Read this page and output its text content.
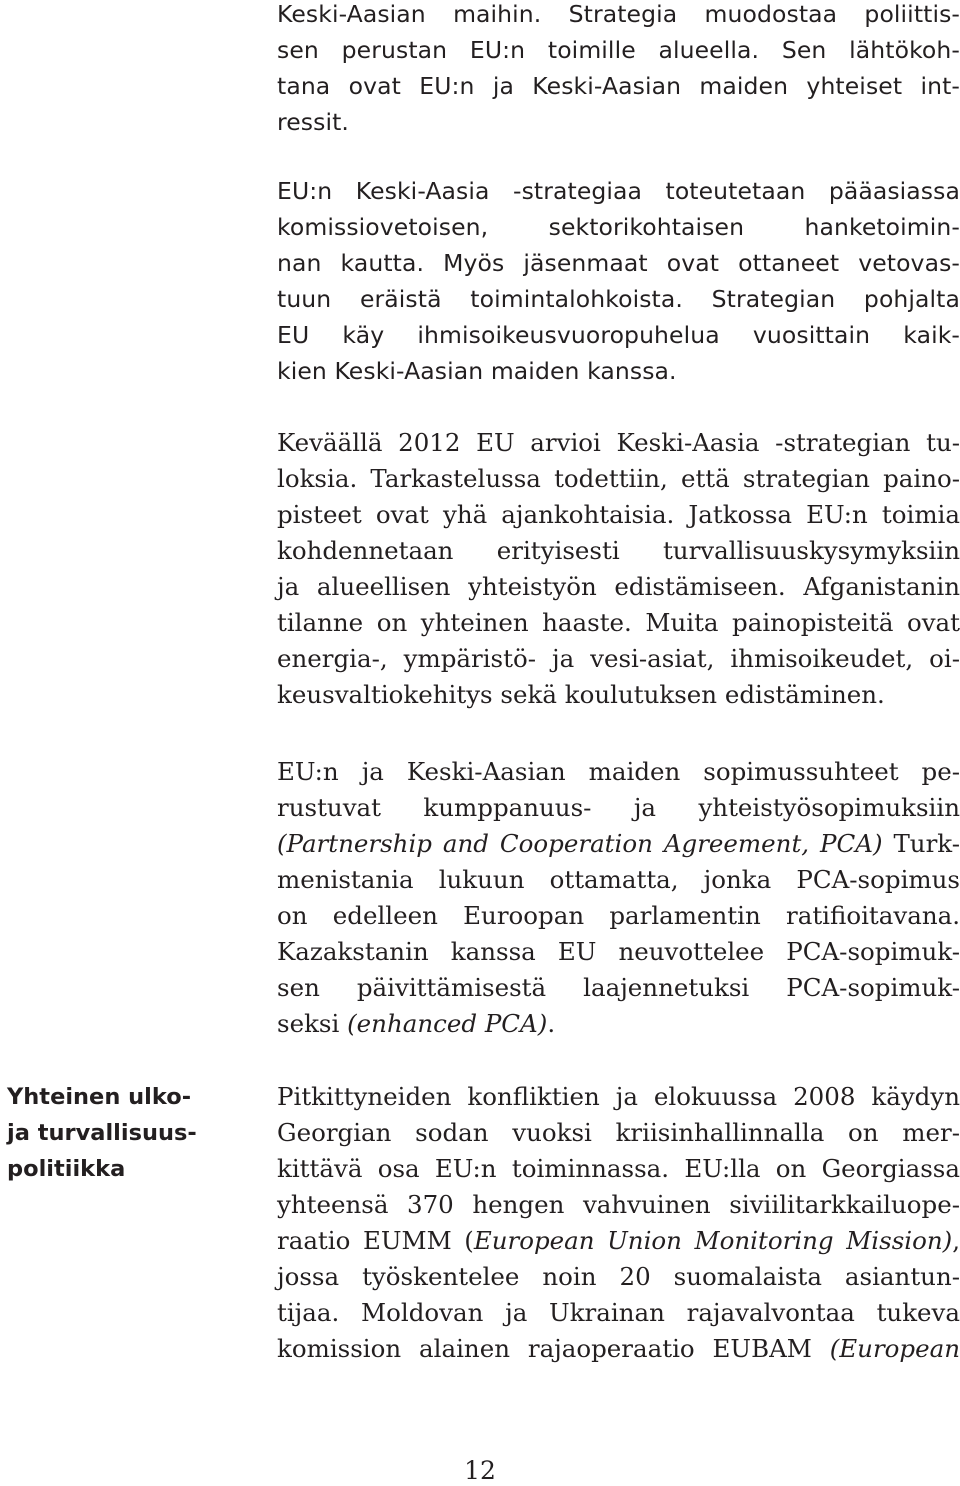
Keski-Aasian maihin. Strategia muodostaa poliittis-
sen perustan EU:n toimille alueella. Sen lähtökoh-
tana ovat EU:n ja Keski-Aasian maiden yhteiset int-
ressit.
EU:n Keski-Aasia -strategiaa toteutetaan pääasiassa
komissiovetoisen, sektorikohtaisen hanketoimin-
nan kautta. Myös jäsenmaat ovat ottaneet vetovas-
tuun eräistä toimintalohkoista. Strategian pohjalta
EU käy ihmisoikeusvuoropuhelua vuosittain kaik-
kien Keski-Aasian maiden kanssa.
Keväällä 2012 EU arvioi Keski-Aasia -strategian tu-
loksia. Tarkastelussa todettiin, että strategian paino-
pisteet ovat yhä ajankohtaisia. Jatkossa EU:n toimia
kohdennetaan erityisesti turvallisuuskysymyksiin
ja alueellisen yhteistyön edistämiseen. Afganistanin
tilanne on yhteinen haaste. Muita painopisteitä ovat
energia-, ympäristö- ja vesi-asiat, ihmisoikeudet, oi-
keusvaltiokehitys sekä koulutuksen edistäminen.
EU:n ja Keski-Aasian maiden sopimussuhteet pe-
rustuvat kumppanuus- ja yhteistyösopimuksiin
(Partnership and Cooperation Agreement, PCA) Turk-
menistania lukuun ottamatta, jonka PCA-sopimus
on edelleen Euroopan parlamentin ratifioitavana.
Kazakstanin kanssa EU neuvottelee PCA-sopimuk-
sen päivittämisestä laajennetuksi PCA-sopimuk-
seksi (enhanced PCA).
Yhteinen ulko-
ja turvallisuus-
politiikka
Pitkittyneiden konfliktien ja elokuussa 2008 käydyn
Georgian sodan vuoksi kriisinhallinnalla on mer-
kittävä osa EU:n toiminnassa. EU:lla on Georgiassa
yhteensä 370 hengen vahvuinen siviilitarkkailuope-
raatio EUMM (European Union Monitoring Mission),
jossa työskentelee noin 20 suomalaista asiantun-
tijaa. Moldovan ja Ukrainan rajavalvontaa tukeva
komission alainen rajaoperaatio EUBAM (European
12
